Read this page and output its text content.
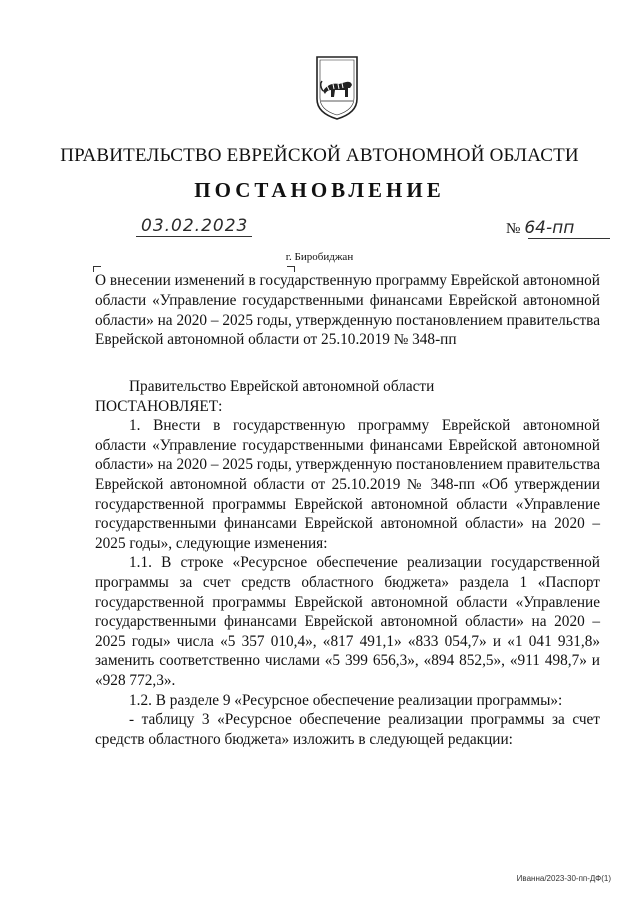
ПРАВИТЕЛЬСТВО ЕВРЕЙСКОЙ АВТОНОМНОЙ ОБЛАСТИ
ПОСТАНОВЛЕНИЕ
03.02.2023	№ 64-пп
г. Биробиджан
О внесении изменений в государственную программу Еврейской автономной области «Управление государственными финансами Еврейской автономной области» на 2020 – 2025 годы, утвержденную постановлением правительства Еврейской автономной области от 25.10.2019 № 348-пп

Правительство Еврейской автономной области

ПОСТАНОВЛЯЕТ:

1. Внести в государственную программу Еврейской автономной области «Управление государственными финансами Еврейской автономной области» на 2020 – 2025 годы, утвержденную постановлением правительства Еврейской автономной области от 25.10.2019 № 348-пп «Об утверждении государственной программы Еврейской автономной области «Управление государственными финансами Еврейской автономной области» на 2020 – 2025 годы», следующие изменения:

1.1. В строке «Ресурсное обеспечение реализации государственной программы за счет средств областного бюджета» раздела 1 «Паспорт государственной программы Еврейской автономной области «Управление государственными финансами Еврейской автономной области» на 2020 – 2025 годы» числа «5 357 010,4», «817 491,1» «833 054,7» и «1 041 931,8» заменить соответственно числами «5 399 656,3», «894 852,5», «911 498,7» и «928 772,3».

1.2. В разделе 9 «Ресурсное обеспечение реализации программы»:

- таблицу 3 «Ресурсное обеспечение реализации программы за счет средств областного бюджета» изложить в следующей редакции:

Иванна/2023-30-пп-ДФ(1)
